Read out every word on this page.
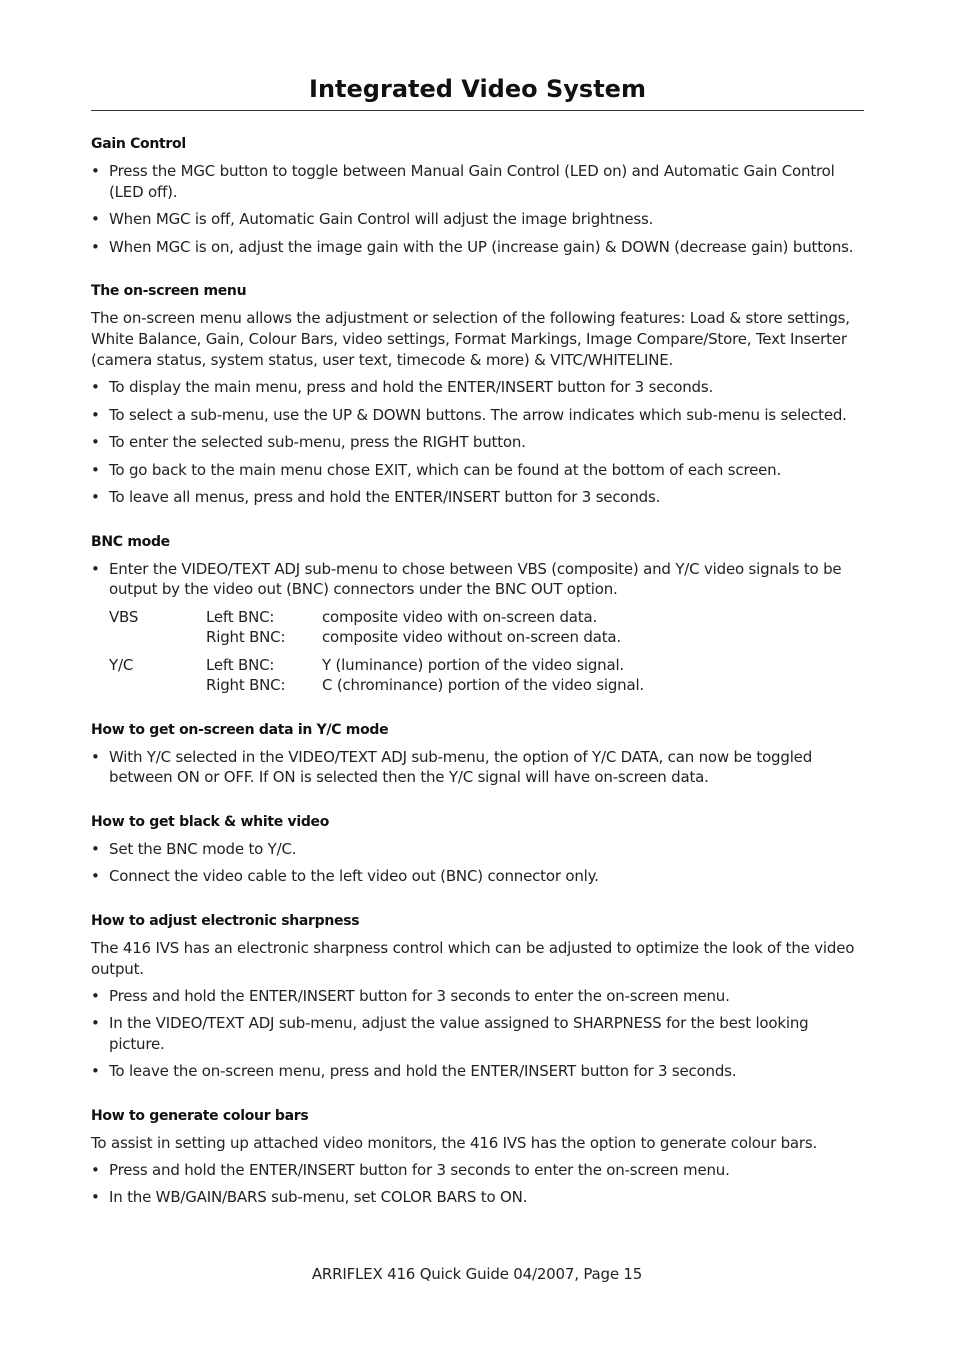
Integrated Video System
Gain Control
• Press the MGC button to toggle between Manual Gain Control (LED on) and Automatic Gain Control (LED off).
• When MGC is off, Automatic Gain Control will adjust the image brightness.
• When MGC is on, adjust the image gain with the UP (increase gain) & DOWN (decrease gain) buttons.
The on-screen menu

The on-screen menu allows the adjustment or selection of the following features: Load & store settings, White Balance, Gain, Colour Bars, video settings, Format Markings, Image Compare/Store, Text Inserter (camera status, system status, user text, timecode & more) & VITC/WHITELINE.

• To display the main menu, press and hold the ENTER/INSERT button for 3 seconds.
• To select a sub-menu, use the UP & DOWN buttons. The arrow indicates which sub-menu is selected.
• To enter the selected sub-menu, press the RIGHT button.
• To go back to the main menu chose EXIT, which can be found at the bottom of each screen.
• To leave all menus, press and hold the ENTER/INSERT button for 3 seconds.
BNC mode
• Enter the VIDEO/TEXT ADJ sub-menu to chose between VBS (composite) and Y/C video signals to be output by the video out (BNC) connectors under the BNC OUT option.
VBS	Left BNC:	composite video with on-screen data.
	Right BNC:	composite video without on-screen data.
Y/C	Left BNC:	Y (luminance) portion of the video signal.
	Right BNC:	C (chrominance) portion of the video signal.
How to get on-screen data in Y/C mode
• With Y/C selected in the VIDEO/TEXT ADJ sub-menu, the option of Y/C DATA, can now be toggled between ON or OFF. If ON is selected then the Y/C signal will have on-screen data.
How to get black & white video
• Set the BNC mode to Y/C.
• Connect the video cable to the left video out (BNC) connector only.
How to adjust electronic sharpness

The 416 IVS has an electronic sharpness control which can be adjusted to optimize the look of the video output.

• Press and hold the ENTER/INSERT button for 3 seconds to enter the on-screen menu.
• In the VIDEO/TEXT ADJ sub-menu, adjust the value assigned to SHARPNESS for the best looking picture.
• To leave the on-screen menu, press and hold the ENTER/INSERT button for 3 seconds.
How to generate colour bars

To assist in setting up attached video monitors, the 416 IVS has the option to generate colour bars.

• Press and hold the ENTER/INSERT button for 3 seconds to enter the on-screen menu.
• In the WB/GAIN/BARS sub-menu, set COLOR BARS to ON.
ARRIFLEX 416 Quick Guide 04/2007, Page 15
